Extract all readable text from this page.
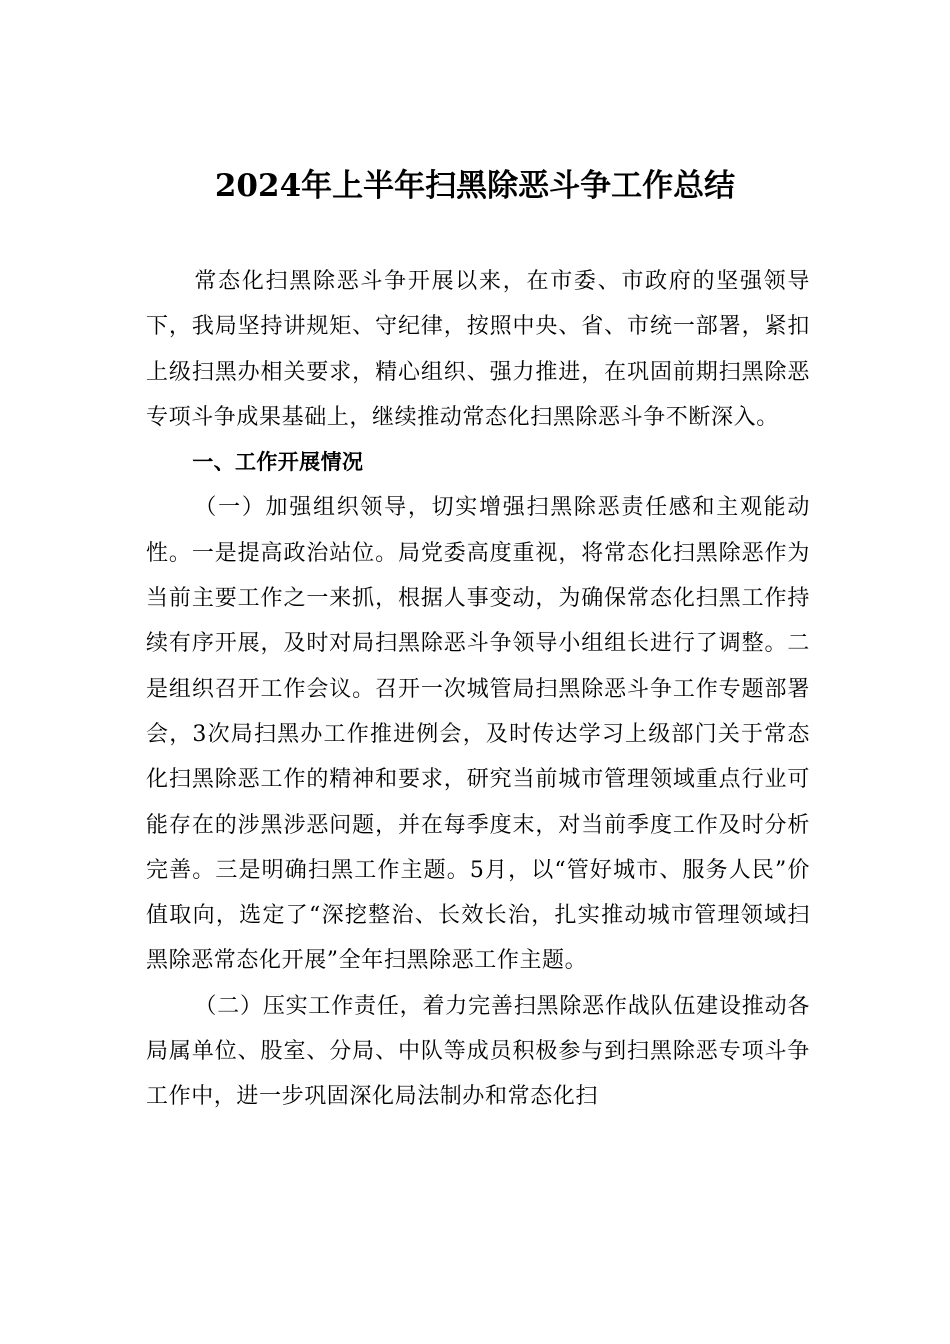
2024年上半年扫黑除恶斗争工作总结

常态化扫黑除恶斗争开展以来，在市委、市政府的坚强领导下，我局坚持讲规矩、守纪律，按照中央、省、市统一部署，紧扣上级扫黑办相关要求，精心组织、强力推进，在巩固前期扫黑除恶专项斗争成果基础上，继续推动常态化扫黑除恶斗争不断深入。

一、工作开展情况

（一）加强组织领导，切实增强扫黑除恶责任感和主观能动性。一是提高政治站位。局党委高度重视，将常态化扫黑除恶作为当前主要工作之一来抓，根据人事变动，为确保常态化扫黑工作持续有序开展，及时对局扫黑除恶斗争领导小组组长进行了调整。二是组织召开工作会议。召开一次城管局扫黑除恶斗争工作专题部署会，3次局扫黑办工作推进例会，及时传达学习上级部门关于常态化扫黑除恶工作的精神和要求，研究当前城市管理领域重点行业可能存在的涉黑涉恶问题，并在每季度末，对当前季度工作及时分析完善。三是明确扫黑工作主题。5月，以“管好城市、服务人民”价值取向，选定了“深挖整治、长效长治，扎实推动城市管理领域扫黑除恶常态化开展”全年扫黑除恶工作主题。

（二）压实工作责任，着力完善扫黑除恶作战队伍建设推动各局属单位、股室、分局、中队等成员积极参与到扫黑除恶专项斗争工作中，进一步巩固深化局法制办和常态化扫
